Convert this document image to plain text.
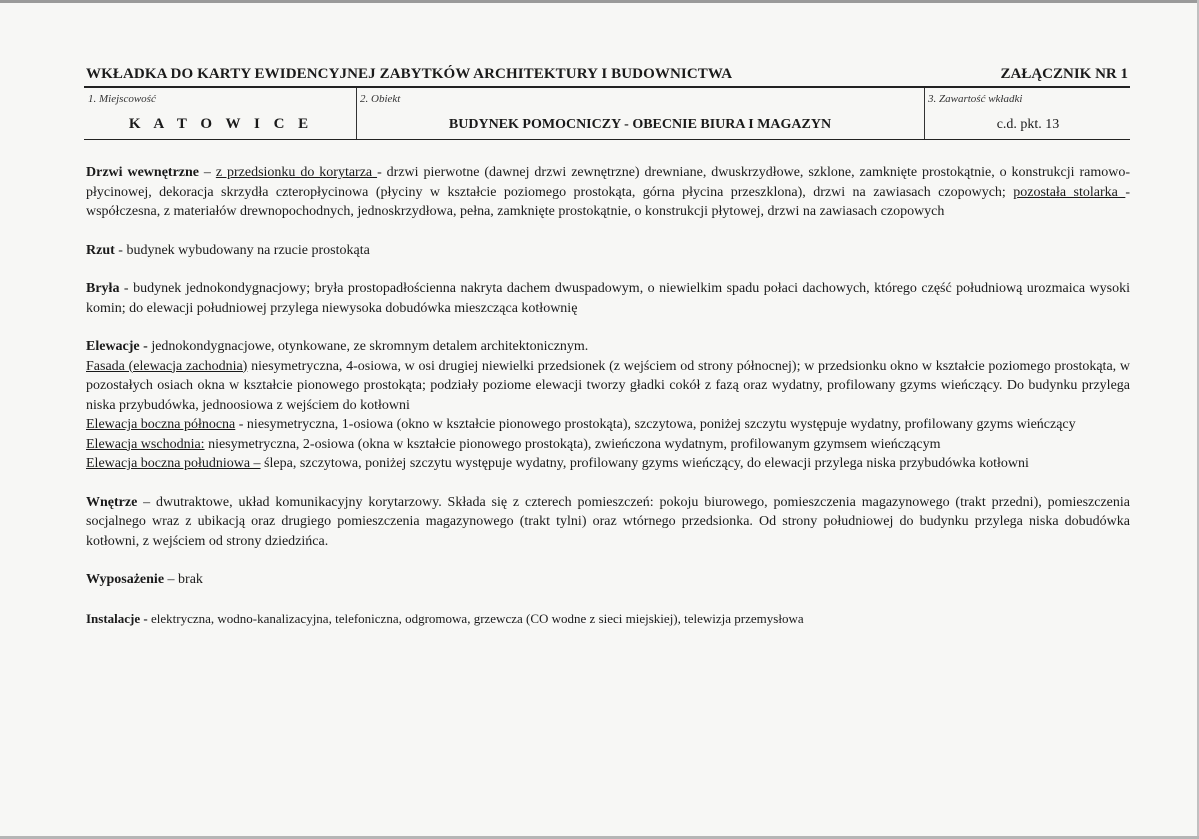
WKŁADKA DO KARTY EWIDENCYJNEJ ZABYTKÓW ARCHITEKTURY I BUDOWNICTWA	ZAŁĄCZNIK NR 1
1. Miejscowość	2. Obiekt	3. Zawartość wkładki
K A T O W I C E	BUDYNEK POMOCNICZY - OBECNIE BIURA I MAGAZYN	c.d. pkt. 13

Drzwi wewnętrzne – z przedsionku do korytarza - drzwi pierwotne (dawnej drzwi zewnętrzne) drewniane, dwuskrzydłowe, szklone, zamknięte prostokątnie, o konstrukcji ramowo-płycinowej, dekoracja skrzydła czteropłycinowa (płyciny w kształcie poziomego prostokąta, górna płycina przeszklona), drzwi na zawiasach czopowych; pozostała stolarka - współczesna, z materiałów drewnopochodnych, jednoskrzydłowa, pełna, zamknięte prostokątnie, o konstrukcji płytowej, drzwi na zawiasach czopowych

Rzut - budynek wybudowany na rzucie prostokąta

Bryła - budynek jednokondygnacjowy; bryła prostopadłościenna nakryta dachem dwuspadowym, o niewielkim spadu połaci dachowych, którego część południową urozmaica wysoki komin; do elewacji południowej przylega niewysoka dobudówka mieszcząca kotłownię

Elewacje - jednokondygnacjowe, otynkowane, ze skromnym detalem architektonicznym.
Fasada (elewacja zachodnia) niesymetryczna, 4-osiowa, w osi drugiej niewielki przedsionek (z wejściem od strony północnej); w przedsionku okno w kształcie poziomego prostokąta, w pozostałych osiach okna w kształcie pionowego prostokąta; podziały poziome elewacji tworzy gładki cokół z fazą oraz wydatny, profilowany gzyms wieńczący. Do budynku przylega niska przybudówka, jednoosiowa z wejściem do kotłowni
Elewacja boczna północna - niesymetryczna, 1-osiowa (okno w kształcie pionowego prostokąta), szczytowa, poniżej szczytu występuje wydatny, profilowany gzyms wieńczący
Elewacja wschodnia: niesymetryczna, 2-osiowa (okna w kształcie pionowego prostokąta), zwieńczona wydatnym, profilowanym gzymsem wieńczącym
Elewacja boczna południowa – ślepa, szczytowa, poniżej szczytu występuje wydatny, profilowany gzyms wieńczący, do elewacji przylega niska przybudówka kotłowni

Wnętrze – dwutraktowe, układ komunikacyjny korytarzowy. Składa się z czterech pomieszczeń: pokoju biurowego, pomieszczenia magazynowego (trakt przedni), pomieszczenia socjalnego wraz z ubikacją oraz drugiego pomieszczenia magazynowego (trakt tylni) oraz wtórnego przedsionka. Od strony południowej do budynku przylega niska dobudówka kotłowni, z wejściem od strony dziedzińca.

Wyposażenie – brak

Instalacje - elektryczna, wodno-kanalizacyjna, telefoniczna, odgromowa, grzewcza (CO wodne z sieci miejskiej), telewizja przemysłowa
